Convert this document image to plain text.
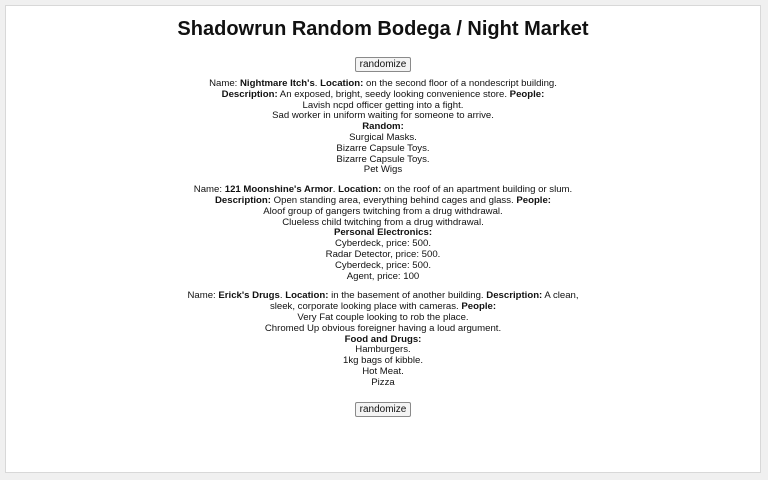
Shadowrun Random Bodega / Night Market
randomize
Name: Nightmare Itch's. Location: on the second floor of a nondescript building.
Description: An exposed, bright, seedy looking convenience store. People:
Lavish ncpd officer getting into a fight.
Sad worker in uniform waiting for someone to arrive.
Random:
Surgical Masks.
Bizarre Capsule Toys.
Bizarre Capsule Toys.
Pet Wigs
Name: 121 Moonshine's Armor. Location: on the roof of an apartment building or slum.
Description: Open standing area, everything behind cages and glass. People:
Aloof group of gangers twitching from a drug withdrawal.
Clueless child twitching from a drug withdrawal.
Personal Electronics:
Cyberdeck, price: 500.
Radar Detector, price: 500.
Cyberdeck, price: 500.
Agent, price: 100
Name: Erick's Drugs. Location: in the basement of another building. Description: A clean,
sleek, corporate looking place with cameras. People:
Very Fat couple looking to rob the place.
Chromed Up obvious foreigner having a loud argument.
Food and Drugs:
Hamburgers.
1kg bags of kibble.
Hot Meat.
Pizza
randomize
